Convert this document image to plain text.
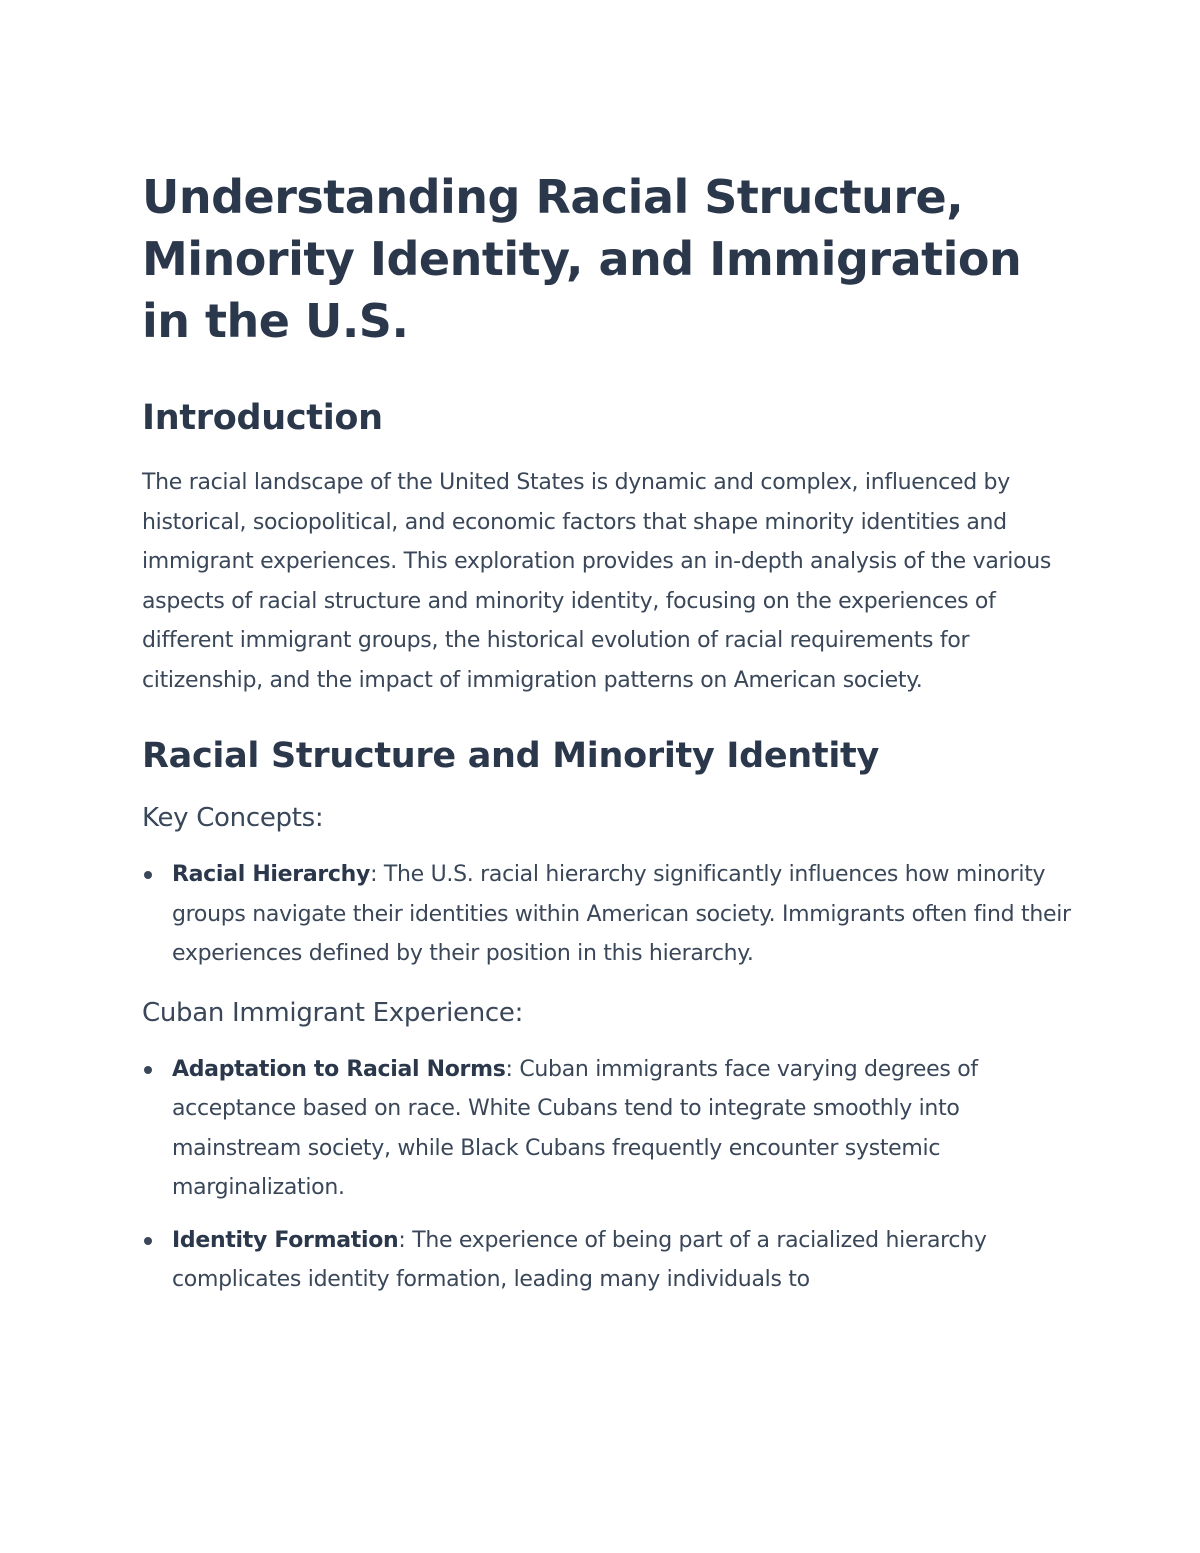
Understanding Racial Structure, Minority Identity, and Immigration in the U.S.
Introduction

The racial landscape of the United States is dynamic and complex, influenced by historical, sociopolitical, and economic factors that shape minority identities and immigrant experiences. This exploration provides an in-depth analysis of the various aspects of racial structure and minority identity, focusing on the experiences of different immigrant groups, the historical evolution of racial requirements for citizenship, and the impact of immigration patterns on American society.

Racial Structure and Minority Identity
Key Concepts:
Racial Hierarchy: The U.S. racial hierarchy significantly influences how minority groups navigate their identities within American society. Immigrants often find their experiences defined by their position in this hierarchy.
Cuban Immigrant Experience:
Adaptation to Racial Norms: Cuban immigrants face varying degrees of acceptance based on race. White Cubans tend to integrate smoothly into mainstream society, while Black Cubans frequently encounter systemic marginalization.
Identity Formation: The experience of being part of a racialized hierarchy complicates identity formation, leading many individuals to
